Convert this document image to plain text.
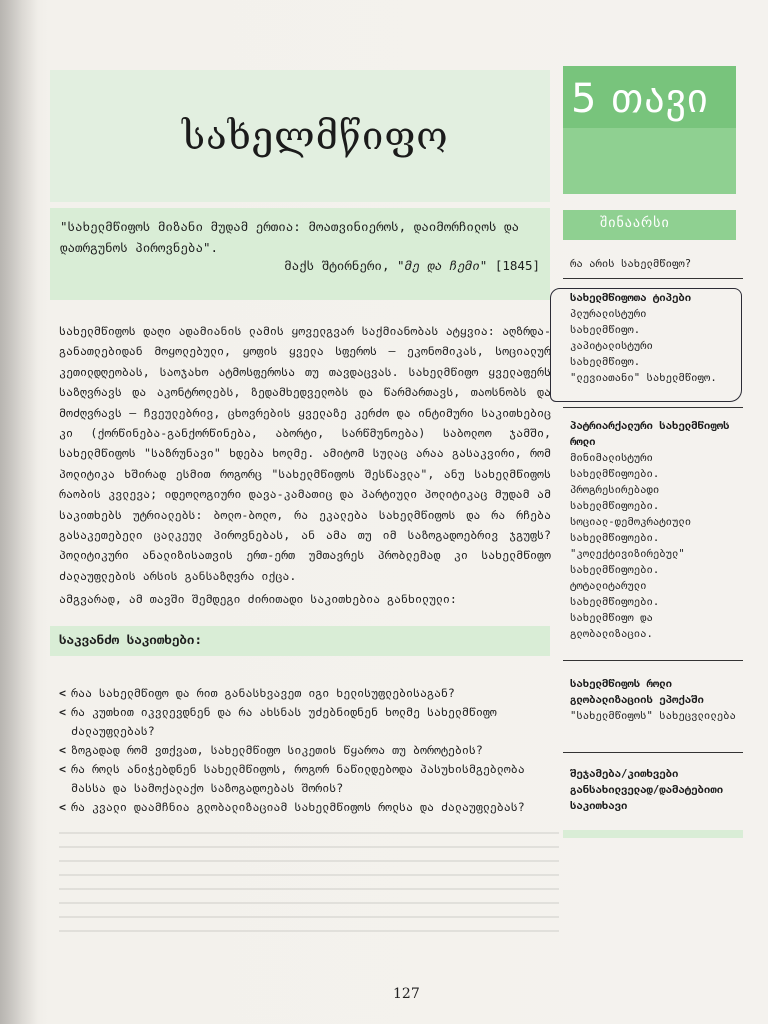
5 თავი
სახელმწიფო
"სახელმწიფოს მიზანი მუდამ ერთია: მოათვინიეროს, დაიმორჩილოს და დათრგუნოს პიროვნება".
მაქს შტირნერი, "მე და ჩემი" [1845]
სახელმწიფოს დაღი ადამიანის ლამის ყოველგვარ საქმიანობას ატყვია: აღზრდა-განათლებიდან მოყოლებული, ყოფის ყველა სფეროს — ეკონომიკას, სოციალურ კეთილდღეობას, საოჯახო ატმოსფეროსა თუ თავდაცვას. სახელმწიფო ყველაფერს საზღვრავს და აკონტროლებს, ზედამხედველობს და წარმართავს, თაოსნობს და მოძღვრავს — ჩვეულებრივ, ცხოვრების ყველაზე კერძო და ინტიმური საკითხებიც კი (ქორწინება-განქორწინება, აბორტი, სარწმუნოება) საბოლოო ჯამში, სახელმწიფოს "საზრუნავი" ხდება ხოლმე. ამიტომ სულაც არაა გასაკვირი, რომ პოლიტიკა ხშირად ესმით როგორც "სახელმწიფოს შესწავლა", ანუ სახელმწიფოს რაობის კვლევა; იდეოლოგიური დავა-კამათიც და პარტიული პოლიტიკაც მუდამ ამ საკითხებს უტრიალებს: ბოლო-ბოლო, რა ეკალება სახელმწიფოს და რა რჩება გასაკეთებელი ცალკეულ პიროვნებას, ან ამა თუ იმ საზოგადოებრივ ჯგუფს? პოლიტიკური ანალიზისათვის ერთ-ერთ უმთავრეს პრობლემად კი სახელმწიფო ძალაუფლების არსის განსაზღვრა იქცა.
ამგვარად, ამ თავში შემდეგი ძირითადი საკითხებია განხილული:
საკვანძო საკითხები:
< რაა სახელმწიფო და რით განასხვავეთ იგი ხელისუფლებისაგან?
< რა კუთხით იკვლევდნენ და რა ახსნას უძებნიდნენ ხოლმე სახელმწიფო ძალაუფლებას?
< ზოგადად რომ ვთქვათ, სახელმწიფო სიკეთის წყაროა თუ ბოროტების?
< რა როლს ანიჭებდნენ სახელმწიფოს, როგორ ნაწილდებოდა პასუხისმგებლობა მასსა და სამოქალაქო საზოგადოებას შორის?
< რა კვალი დაამჩნია გლობალიზაციამ სახელმწიფოს როლსა და ძალაუფლებას?
127
შინაარსი
რა არის სახელმწიფო?
სახელმწიფოთა ტიპები
პლურალისტური
სახელმწიფო.
კაპიტალისტური
სახელმწიფო.
"ლევიათანი" სახელმწიფო.
პატრიარქალური სახელმწიფოს როლი
მინიმალისტური
სახელმწიფოები.
პროგრესირებადი
სახელმწიფოები.
სოციალ-დემოკრატიული
სახელმწიფოები.
"კოლექტივიზირებულ" სახელმწიფოები.
ტოტალიტარული
სახელმწიფოები.
სახელმწიფო და
გლობალიზაცია.
სახელმწიფოს როლი გლობალიზაციის ეპოქაში
"სახელმწიფოს" სახეცვლილება
შეჯამება/კითხვები განსახილველად/დამატებითი საკითხავი
